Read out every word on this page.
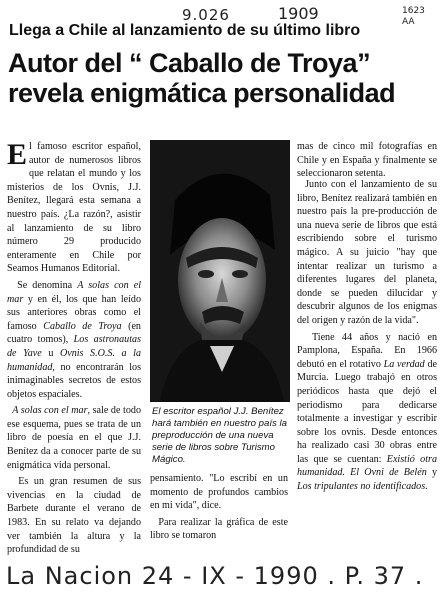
9.026	1909	1623 AA
Llega a Chile al lanzamiento de su último libro
Autor del “ Caballo de Troya”
revela enigmática personalidad

El famoso escritor español, autor de numerosos libros que relatan el mundo y los misterios de los Ovnis, J.J. Benítez, llegará esta semana a nuestro país. ¿La razón?, asistir al lanzamiento de su libro número 29 producido enteramente en Chile por Seamos Humanos Editorial.

Se denomina A solas con el mar y en él, los que han leído sus anteriores obras como el famoso Caballo de Troya (en cuatro tomos), Los astronautas de Yave u Ovnis S.O.S. a la humanidad, no encontrarán los inimaginables secretos de estos objetos espaciales.

A solas con el mar, sale de todo ese esquema, pues se trata de un libro de poesía en el que J.J. Benítez da a conocer parte de su enigmática vida personal.

Es un gran resumen de sus vivencias en la ciudad de Barbete durante el verano de 1983. En su relato va dejando ver también la altura y la profundidad de su

El escritor español J.J. Benítez hará también en nuestro país la preproducción de una nueva serie de libros sobre Turismo Mágico.

pensamiento. "Lo escribí en un momento de profundos cambios en mi vida", dice.

Para realizar la gráfica de este libro se tomaron

mas de cinco mil fotografías en Chile y en España y finalmente se seleccionaron setenta.

Junto con el lanzamiento de su libro, Benítez realizará también en nuestro país la pre-producción de una nueva serie de libros que está escribiendo sobre el turismo mágico. A su juicio "hay que intentar realizar un turismo a diferentes lugares del planeta, donde se pueden dilucidar y descubrir algunos de los enigmas del origen y razón de la vida".

Tiene 44 años y nació en Pamplona, España. En 1966 debutó en el rotativo La verdad de Murcia. Luego trabajó en otros periódicos hasta que dejó el periodismo para dedicarse totalmente a investigar y escribir sobre los ovnis. Desde entonces ha realizado casi 30 obras entre las que se cuentan: Existió otra humanidad. El Ovni de Belén y Los tripulantes no identificados.

La Nacion 24 - IX - 1990 . P. 37 .
